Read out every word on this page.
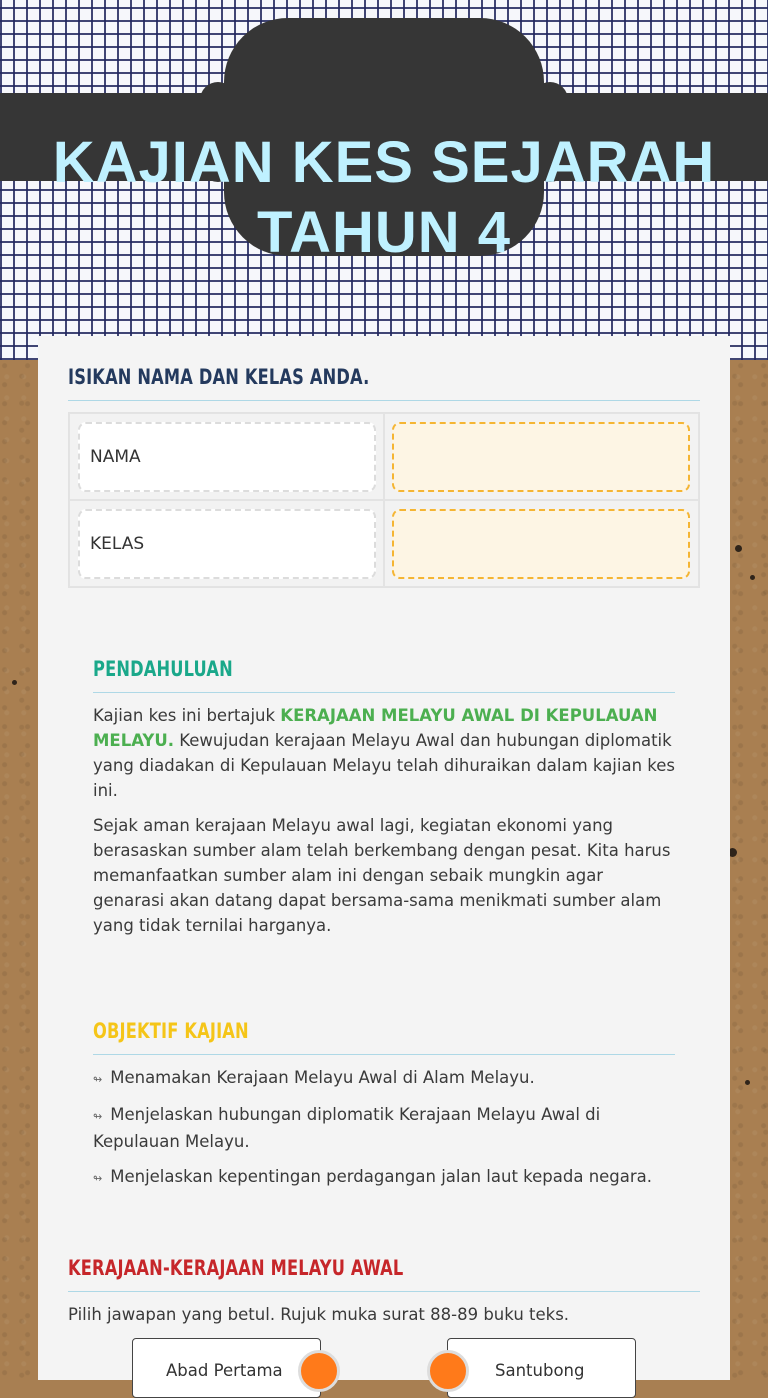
KAJIAN KES SEJARAH TAHUN 4
ISIKAN NAMA DAN KELAS ANDA.
NAMA
KELAS
PENDAHULUAN

Kajian kes ini bertajuk KERAJAAN MELAYU AWAL DI KEPULAUAN MELAYU. Kewujudan kerajaan Melayu Awal dan hubungan diplomatik yang diadakan di Kepulauan Melayu telah dihuraikan dalam kajian kes ini.

Sejak aman kerajaan Melayu awal lagi, kegiatan ekonomi yang berasaskan sumber alam telah berkembang dengan pesat. Kita harus memanfaatkan sumber alam ini dengan sebaik mungkin agar genarasi akan datang dapat bersama-sama menikmati sumber alam yang tidak ternilai harganya.

OBJEKTIF KAJIAN

↬ Menamakan Kerajaan Melayu Awal di Alam Melayu.

↬ Menjelaskan hubungan diplomatik Kerajaan Melayu Awal di Kepulauan Melayu.

↬ Menjelaskan kepentingan perdagangan jalan laut kepada negara.

KERAJAAN-KERAJAAN MELAYU AWAL

Pilih jawapan yang betul. Rujuk muka surat 88-89 buku teks.

Abad Pertama	Santubong
